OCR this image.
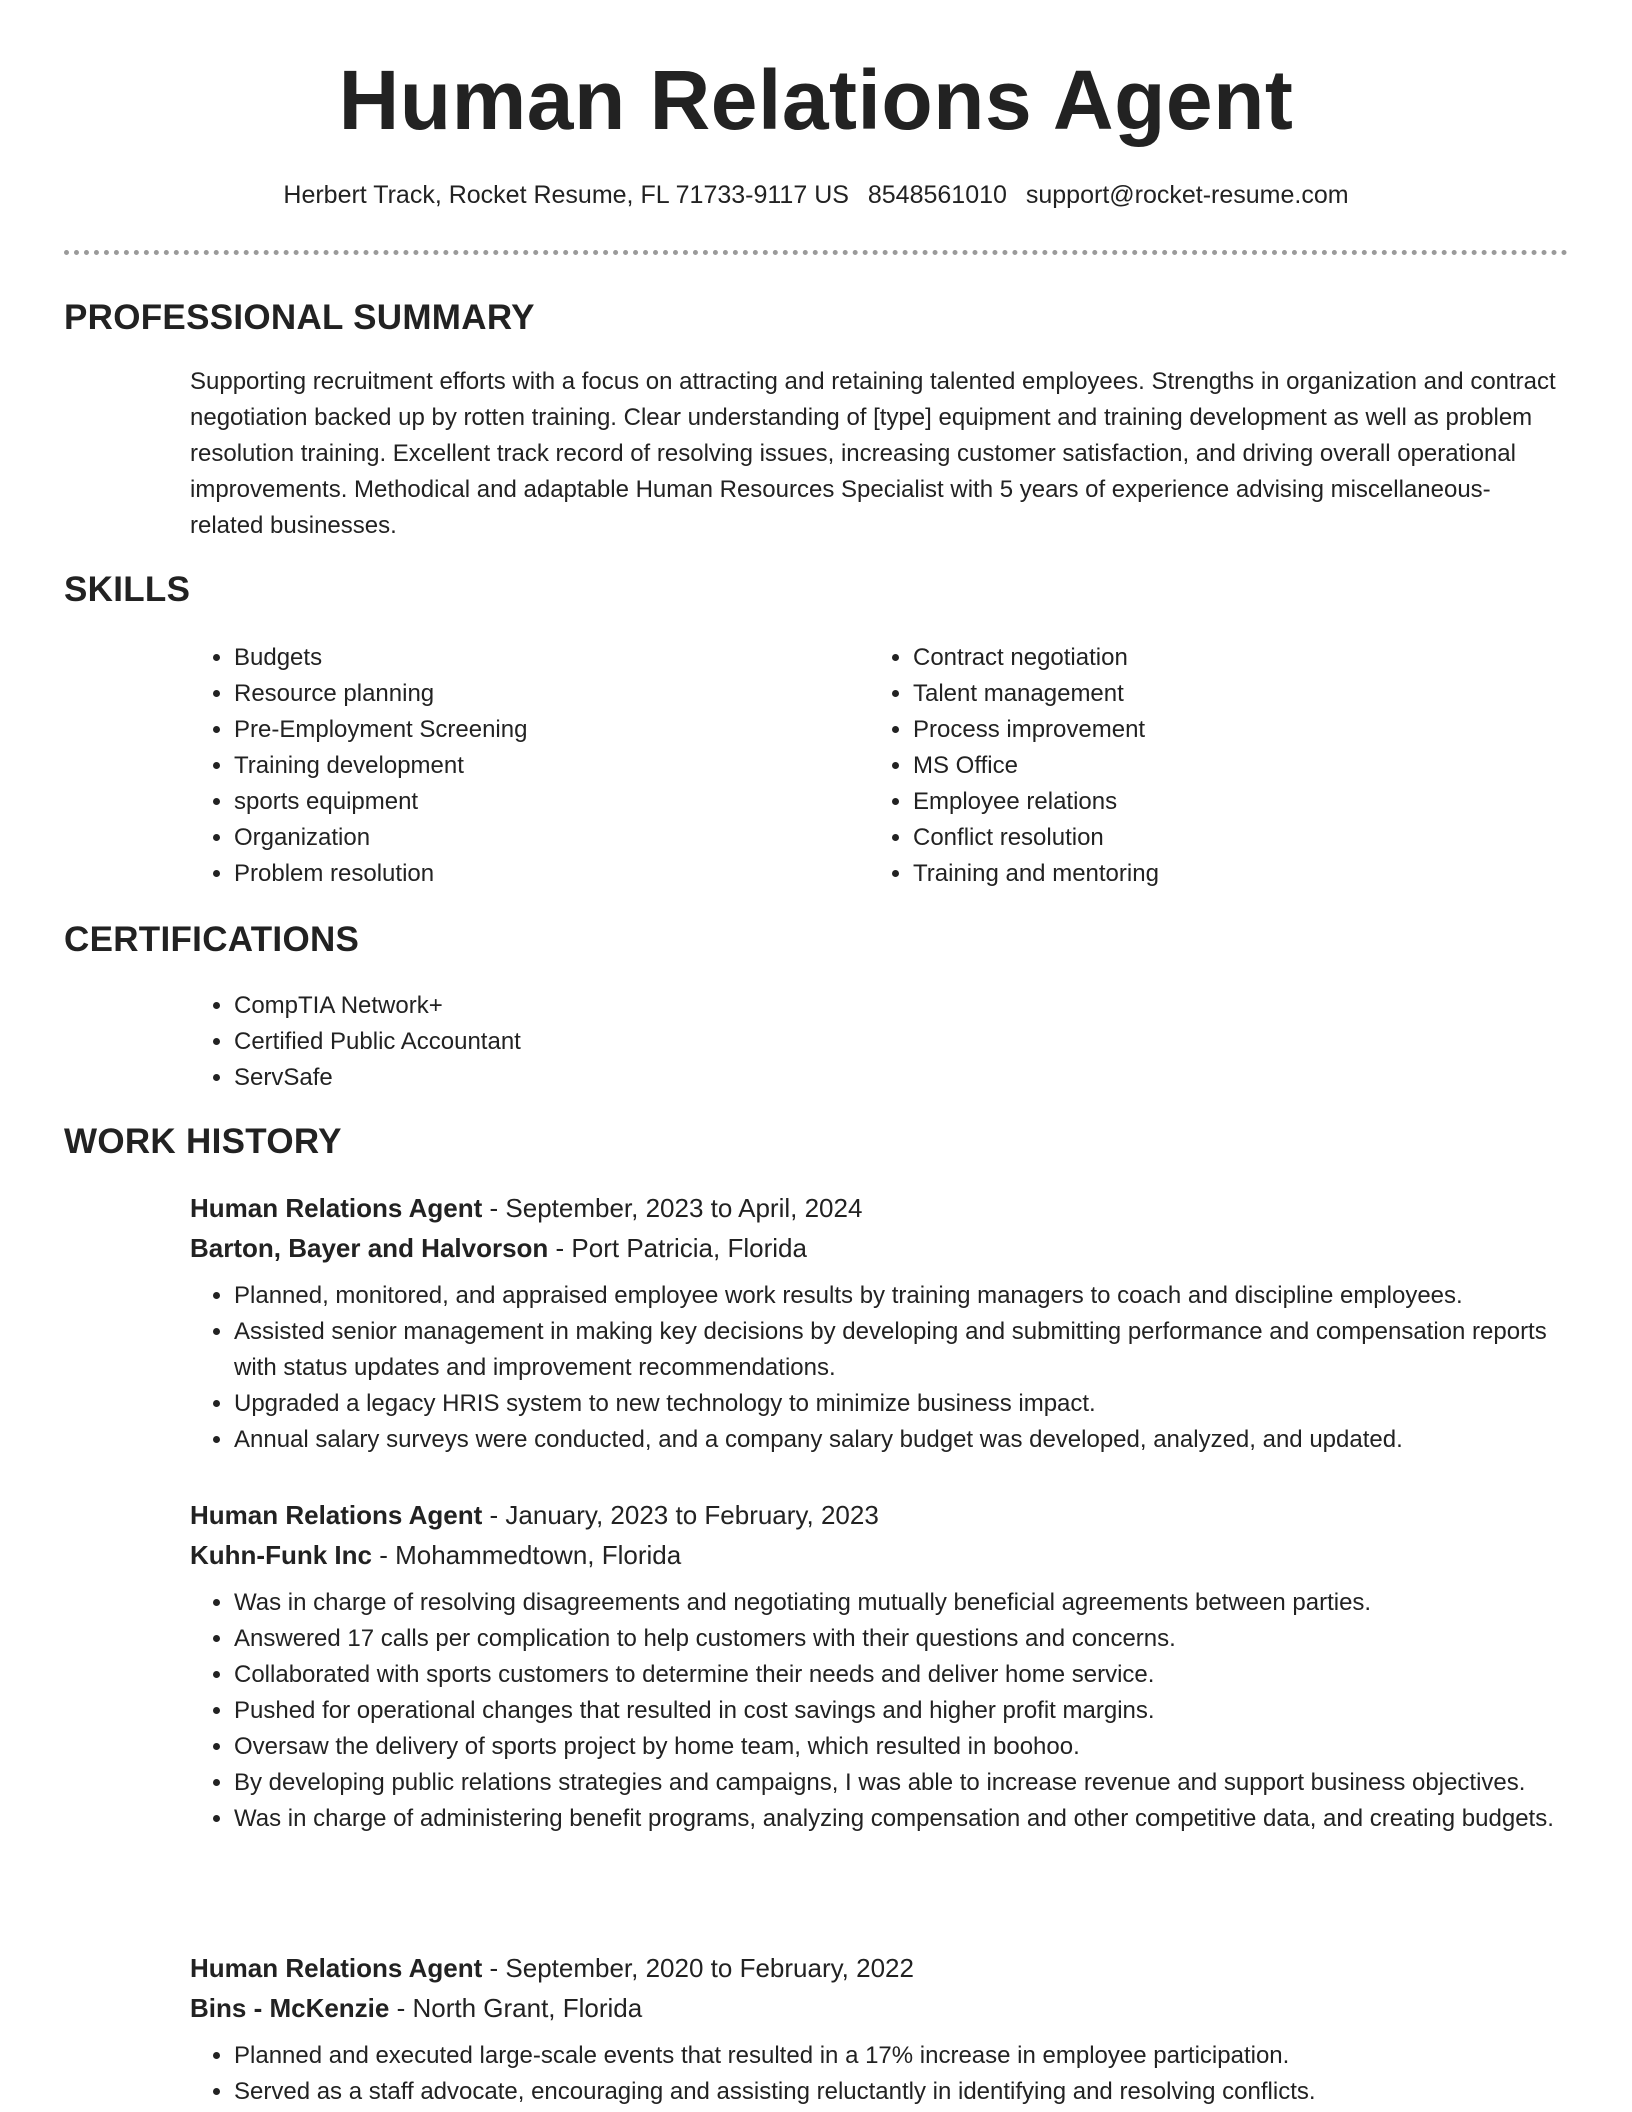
Human Relations Agent
Herbert Track, Rocket Resume, FL 71733-9117 US 8548561010 support@rocket-resume.com
PROFESSIONAL SUMMARY
Supporting recruitment efforts with a focus on attracting and retaining talented employees. Strengths in organization and contract negotiation backed up by rotten training. Clear understanding of [type] equipment and training development as well as problem resolution training. Excellent track record of resolving issues, increasing customer satisfaction, and driving overall operational improvements. Methodical and adaptable Human Resources Specialist with 5 years of experience advising miscellaneous-related businesses.
SKILLS
• Budgets
• Resource planning
• Pre-Employment Screening
• Training development
• sports equipment
• Organization
• Problem resolution
• Contract negotiation
• Talent management
• Process improvement
• MS Office
• Employee relations
• Conflict resolution
• Training and mentoring
CERTIFICATIONS
• CompTIA Network+
• Certified Public Accountant
• ServSafe
WORK HISTORY
Human Relations Agent - September, 2023 to April, 2024
Barton, Bayer and Halvorson - Port Patricia, Florida
• Planned, monitored, and appraised employee work results by training managers to coach and discipline employees.
• Assisted senior management in making key decisions by developing and submitting performance and compensation reports with status updates and improvement recommendations.
• Upgraded a legacy HRIS system to new technology to minimize business impact.
• Annual salary surveys were conducted, and a company salary budget was developed, analyzed, and updated.
Human Relations Agent - January, 2023 to February, 2023
Kuhn-Funk Inc - Mohammedtown, Florida
• Was in charge of resolving disagreements and negotiating mutually beneficial agreements between parties.
• Answered 17 calls per complication to help customers with their questions and concerns.
• Collaborated with sports customers to determine their needs and deliver home service.
• Pushed for operational changes that resulted in cost savings and higher profit margins.
• Oversaw the delivery of sports project by home team, which resulted in boohoo.
• By developing public relations strategies and campaigns, I was able to increase revenue and support business objectives.
• Was in charge of administering benefit programs, analyzing compensation and other competitive data, and creating budgets.
Human Relations Agent - September, 2020 to February, 2022
Bins - McKenzie - North Grant, Florida
• Planned and executed large-scale events that resulted in a 17% increase in employee participation.
• Served as a staff advocate, encouraging and assisting reluctantly in identifying and resolving conflicts.
